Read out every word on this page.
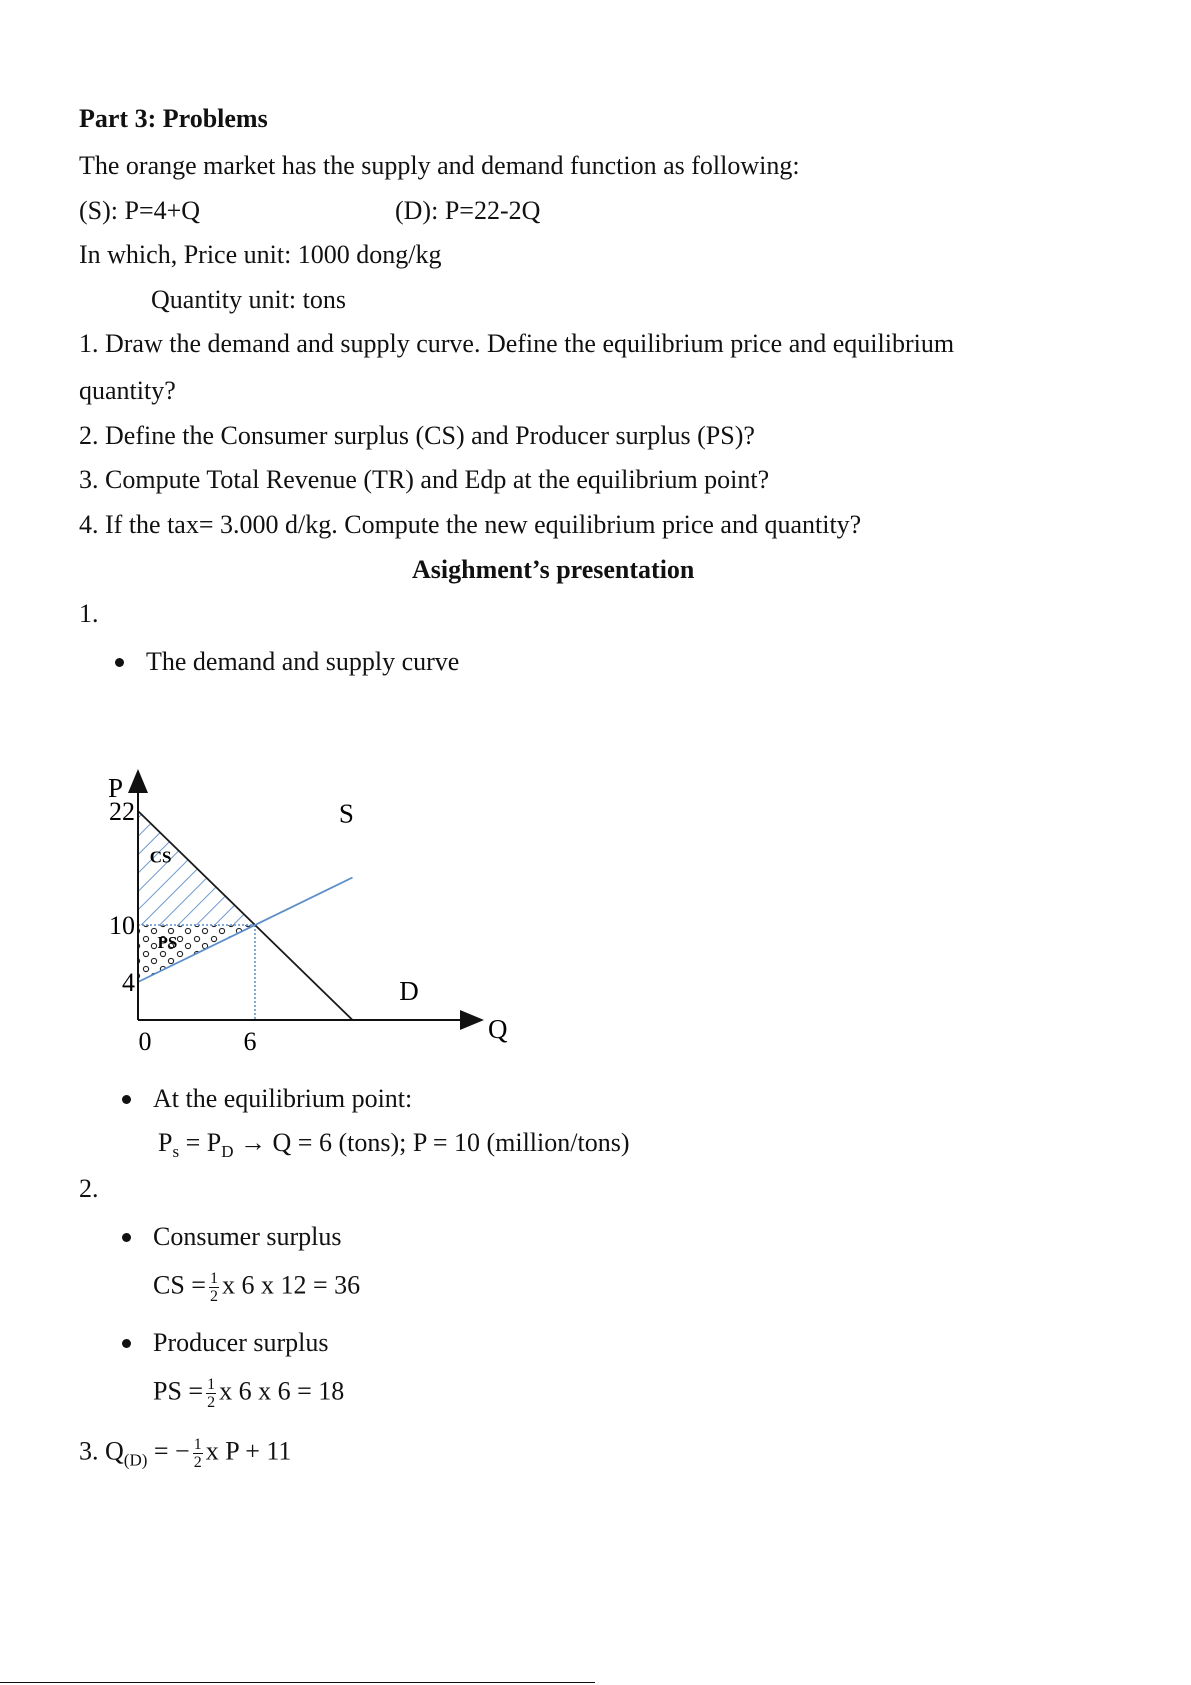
Part 3: Problems
The orange market has the supply and demand function as following:
(S): P=4+Q	(D): P=22-2Q
In which, Price unit: 1000 dong/kg
Quantity unit: tons
1. Draw the demand and supply curve. Define the equilibrium price and equilibrium
quantity?
2. Define the Consumer surplus (CS) and Producer surplus (PS)?
3. Compute Total Revenue (TR) and Edp at the equilibrium point?
4. If the tax= 3.000 d/kg. Compute the new equilibrium price and quantity?
Asighment’s presentation
1.
The demand and supply curve
P
Q
22
10
4
0	6
S
D
CS
PS
At the equilibrium point:
$P_s = P_D \to Q = 6$ (tons); P = 10 (million/tons)
2.
Consumer surplus
CS = $\frac{1}{2}$ x 6 x 12 = 36
Producer surplus
PS = $\frac{1}{2}$ x 6 x 6 = 18
3. $Q_{(D)}$ = − $\frac{1}{2}$ x P + 11
